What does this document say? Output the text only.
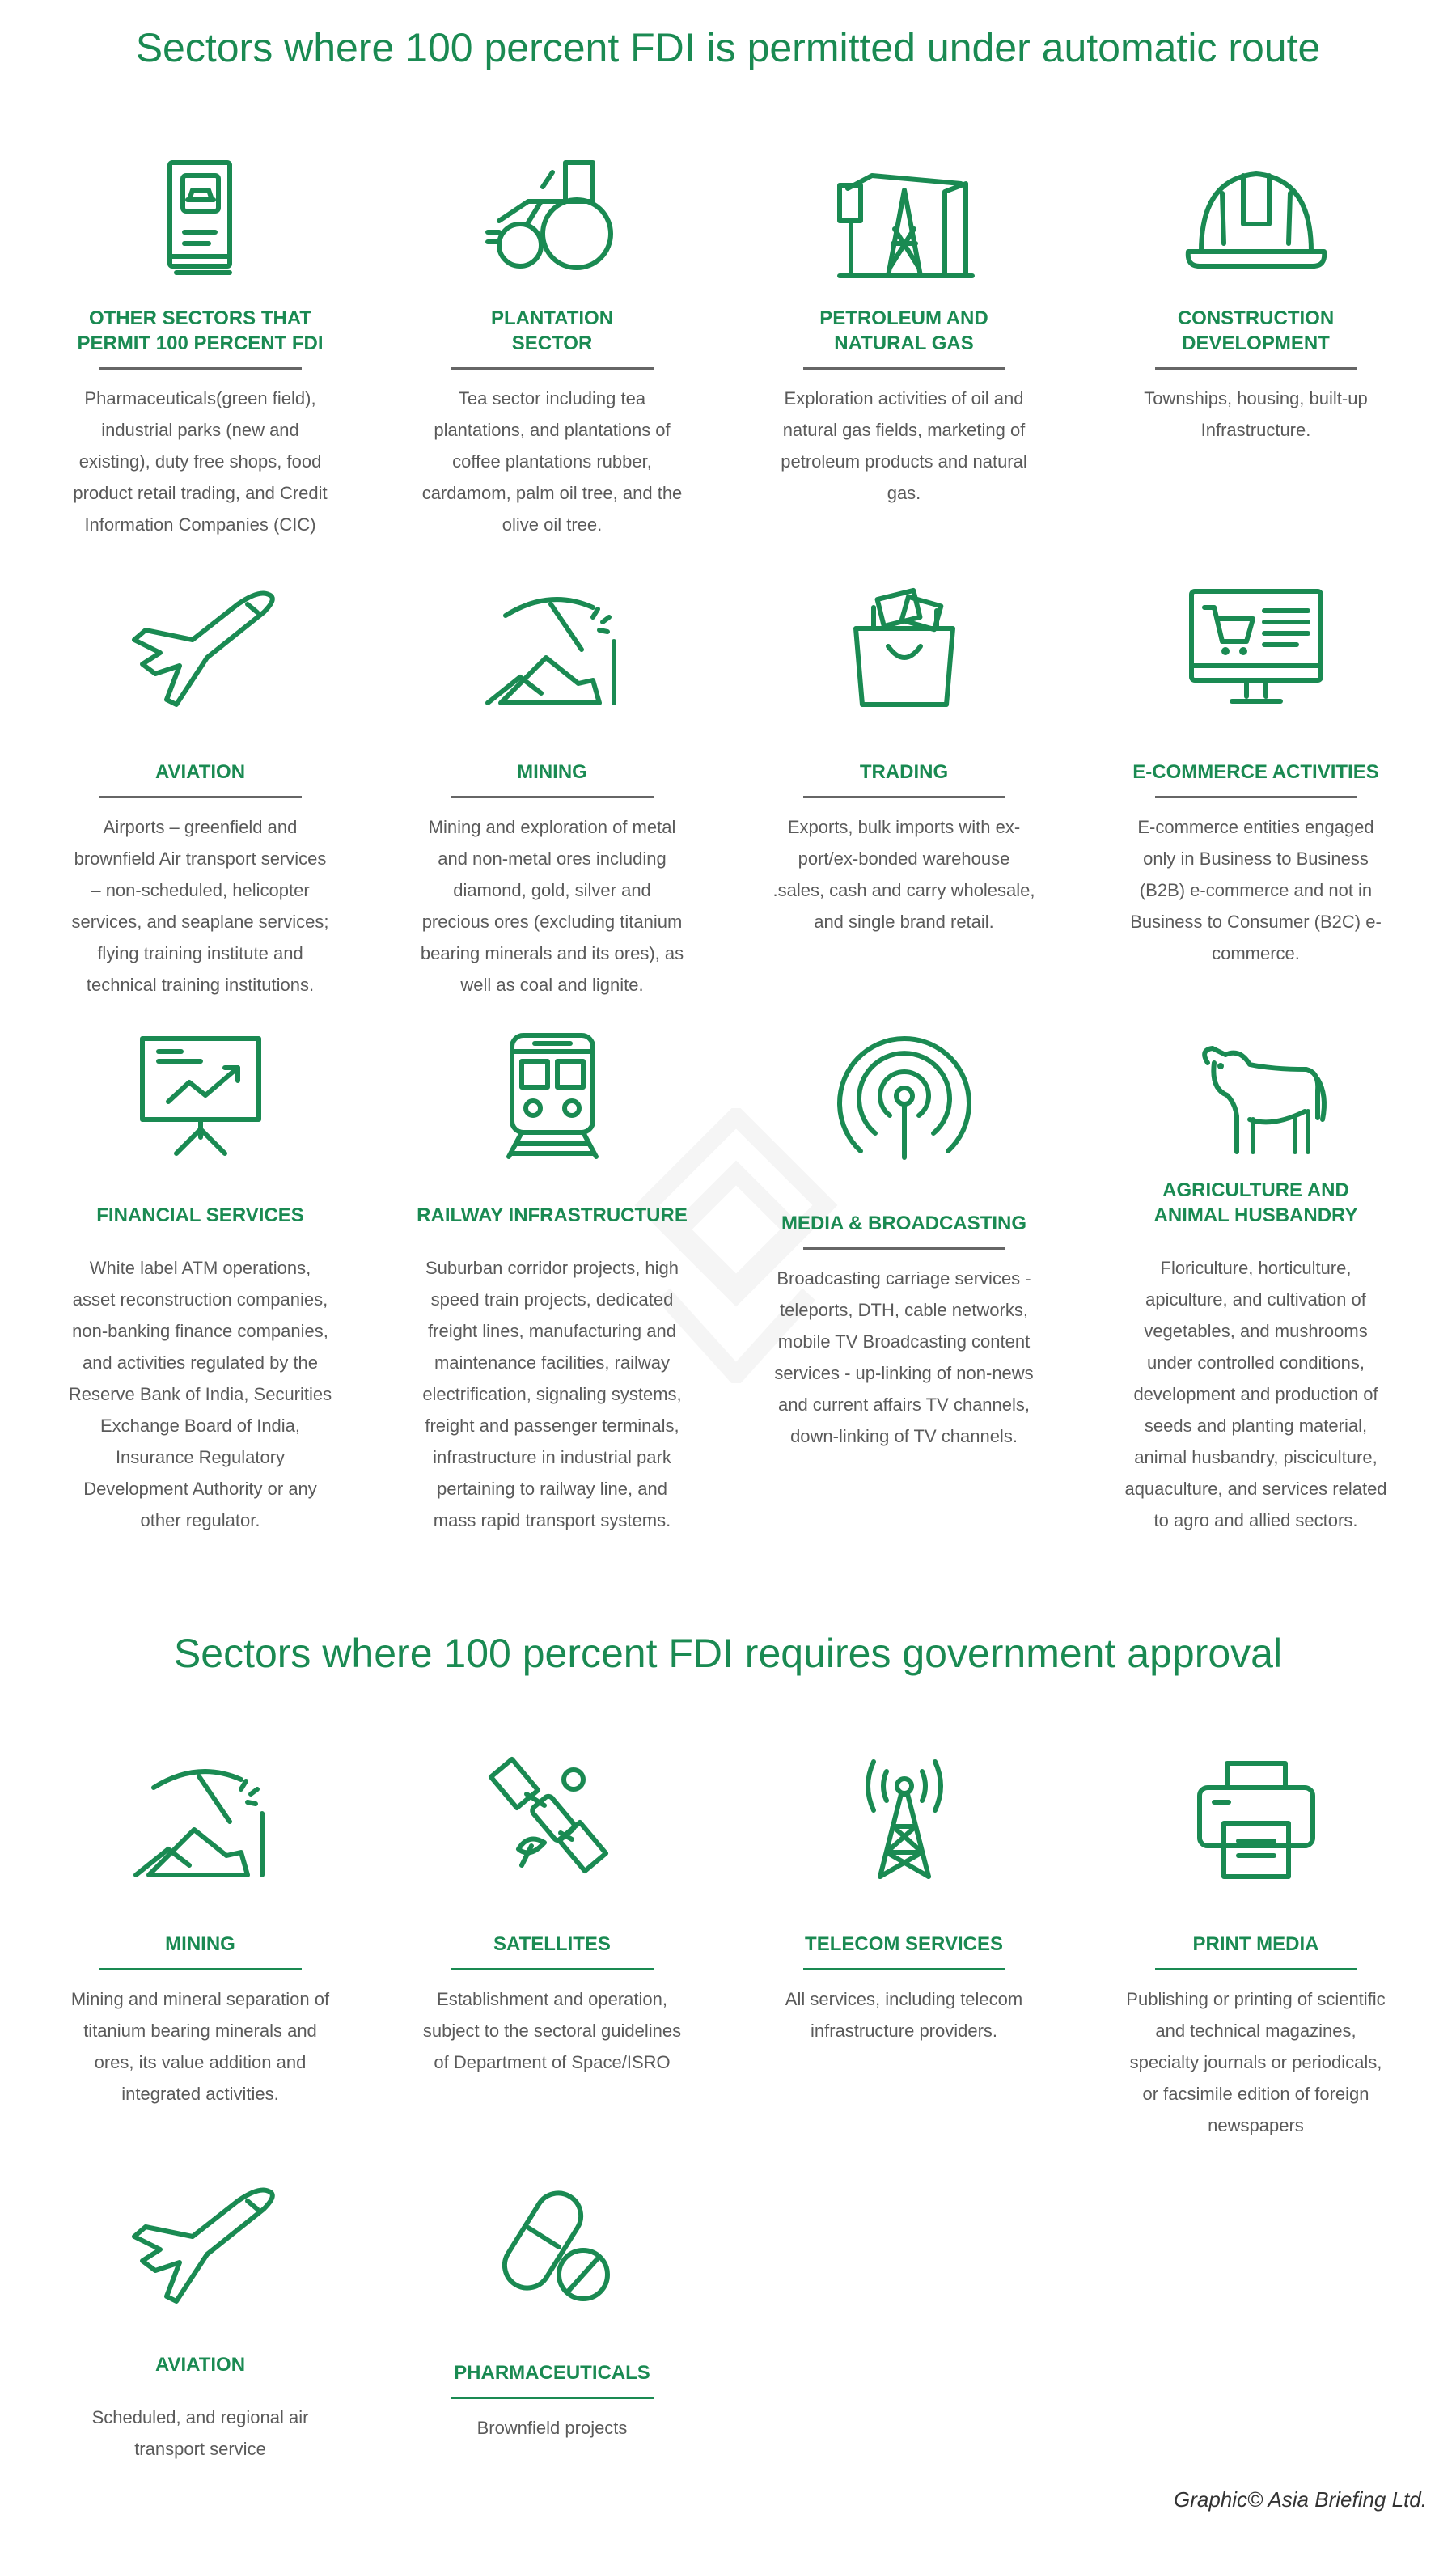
Sectors where 100 percent FDI is permitted under automatic route
OTHER SECTORS THAT
PERMIT 100 PERCENT FDI
Pharmaceuticals(green field), industrial parks (new and existing), duty free shops, food product retail trading, and Credit Information Companies (CIC)
PLANTATION
SECTOR
Tea sector including tea plantations, and plantations of coffee plantations rubber, cardamom, palm oil tree, and the olive oil tree.
PETROLEUM AND
NATURAL GAS
Exploration activities of oil and natural gas fields, marketing of petroleum products and natural gas.
CONSTRUCTION
DEVELOPMENT
Townships, housing, built-up Infrastructure.
AVIATION
Airports – greenfield and brownfield Air transport services – non-scheduled, helicopter services, and seaplane services; flying training institute and technical training institutions.
MINING
Mining and exploration of metal and non-metal ores including diamond, gold, silver and precious ores (excluding titanium bearing minerals and its ores), as well as coal and lignite.
TRADING
Exports, bulk imports with ex-port/ex-bonded warehouse .sales, cash and carry wholesale, and single brand retail.
E-COMMERCE ACTIVITIES
E-commerce entities engaged only in Business to Business (B2B) e-commerce and not in Business to Consumer (B2C) e-commerce.
FINANCIAL SERVICES
White label ATM operations, asset reconstruction companies, non-banking finance companies, and activities regulated by the Reserve Bank of India, Securities Exchange Board of India, Insurance Regulatory Development Authority or any other regulator.
RAILWAY INFRASTRUCTURE
Suburban corridor projects, high speed train projects, dedicated freight lines, manufacturing and maintenance facilities, railway electrification, signaling systems, freight and passenger terminals, infrastructure in industrial park pertaining to railway line, and mass rapid transport systems.
MEDIA & BROADCASTING
Broadcasting carriage services - teleports, DTH, cable networks, mobile TV Broadcasting content services - up-linking of non-news and current affairs TV channels, down-linking of TV channels.
AGRICULTURE AND
ANIMAL HUSBANDRY
Floriculture, horticulture, apiculture, and cultivation of vegetables, and mushrooms under controlled conditions, development and production of seeds and planting material, animal husbandry, pisciculture, aquaculture, and services related to agro and allied sectors.
Sectors where 100 percent FDI requires government approval
MINING
Mining and mineral separation of titanium bearing minerals and ores, its value addition and integrated activities.
SATELLITES
Establishment and operation, subject to the sectoral guidelines of Department of Space/ISRO
TELECOM SERVICES
All services, including telecom infrastructure providers.
PRINT MEDIA
Publishing or printing of scientific and technical magazines, specialty journals or periodicals, or facsimile edition of foreign newspapers
AVIATION
Scheduled, and regional air transport service
PHARMACEUTICALS
Brownfield projects
Graphic© Asia Briefing Ltd.
